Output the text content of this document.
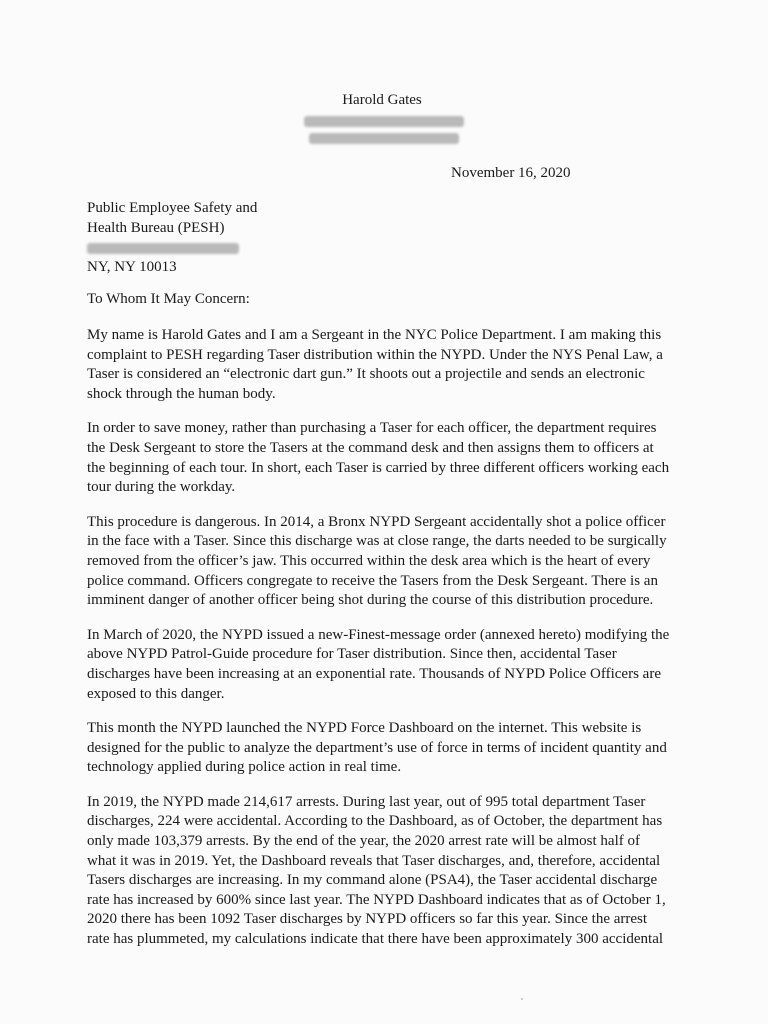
Harold Gates
November 16, 2020
Public Employee Safety and
Health Bureau (PESH)
NY, NY 10013
To Whom It May Concern:
My name is Harold Gates and I am a Sergeant in the NYC Police Department. I am making this
complaint to PESH regarding Taser distribution within the NYPD. Under the NYS Penal Law, a
Taser is considered an “electronic dart gun.” It shoots out a projectile and sends an electronic
shock through the human body.
In order to save money, rather than purchasing a Taser for each officer, the department requires
the Desk Sergeant to store the Tasers at the command desk and then assigns them to officers at
the beginning of each tour. In short, each Taser is carried by three different officers working each
tour during the workday.
This procedure is dangerous. In 2014, a Bronx NYPD Sergeant accidentally shot a police officer
in the face with a Taser. Since this discharge was at close range, the darts needed to be surgically
removed from the officer’s jaw. This occurred within the desk area which is the heart of every
police command. Officers congregate to receive the Tasers from the Desk Sergeant. There is an
imminent danger of another officer being shot during the course of this distribution procedure.
In March of 2020, the NYPD issued a new-Finest-message order (annexed hereto) modifying the
above NYPD Patrol-Guide procedure for Taser distribution. Since then, accidental Taser
discharges have been increasing at an exponential rate. Thousands of NYPD Police Officers are
exposed to this danger.
This month the NYPD launched the NYPD Force Dashboard on the internet. This website is
designed for the public to analyze the department’s use of force in terms of incident quantity and
technology applied during police action in real time.
In 2019, the NYPD made 214,617 arrests. During last year, out of 995 total department Taser
discharges, 224 were accidental. According to the Dashboard, as of October, the department has
only made 103,379 arrests. By the end of the year, the 2020 arrest rate will be almost half of
what it was in 2019. Yet, the Dashboard reveals that Taser discharges, and, therefore, accidental
Tasers discharges are increasing. In my command alone (PSA4), the Taser accidental discharge
rate has increased by 600% since last year. The NYPD Dashboard indicates that as of October 1,
2020 there has been 1092 Taser discharges by NYPD officers so far this year. Since the arrest
rate has plummeted, my calculations indicate that there have been approximately 300 accidental
